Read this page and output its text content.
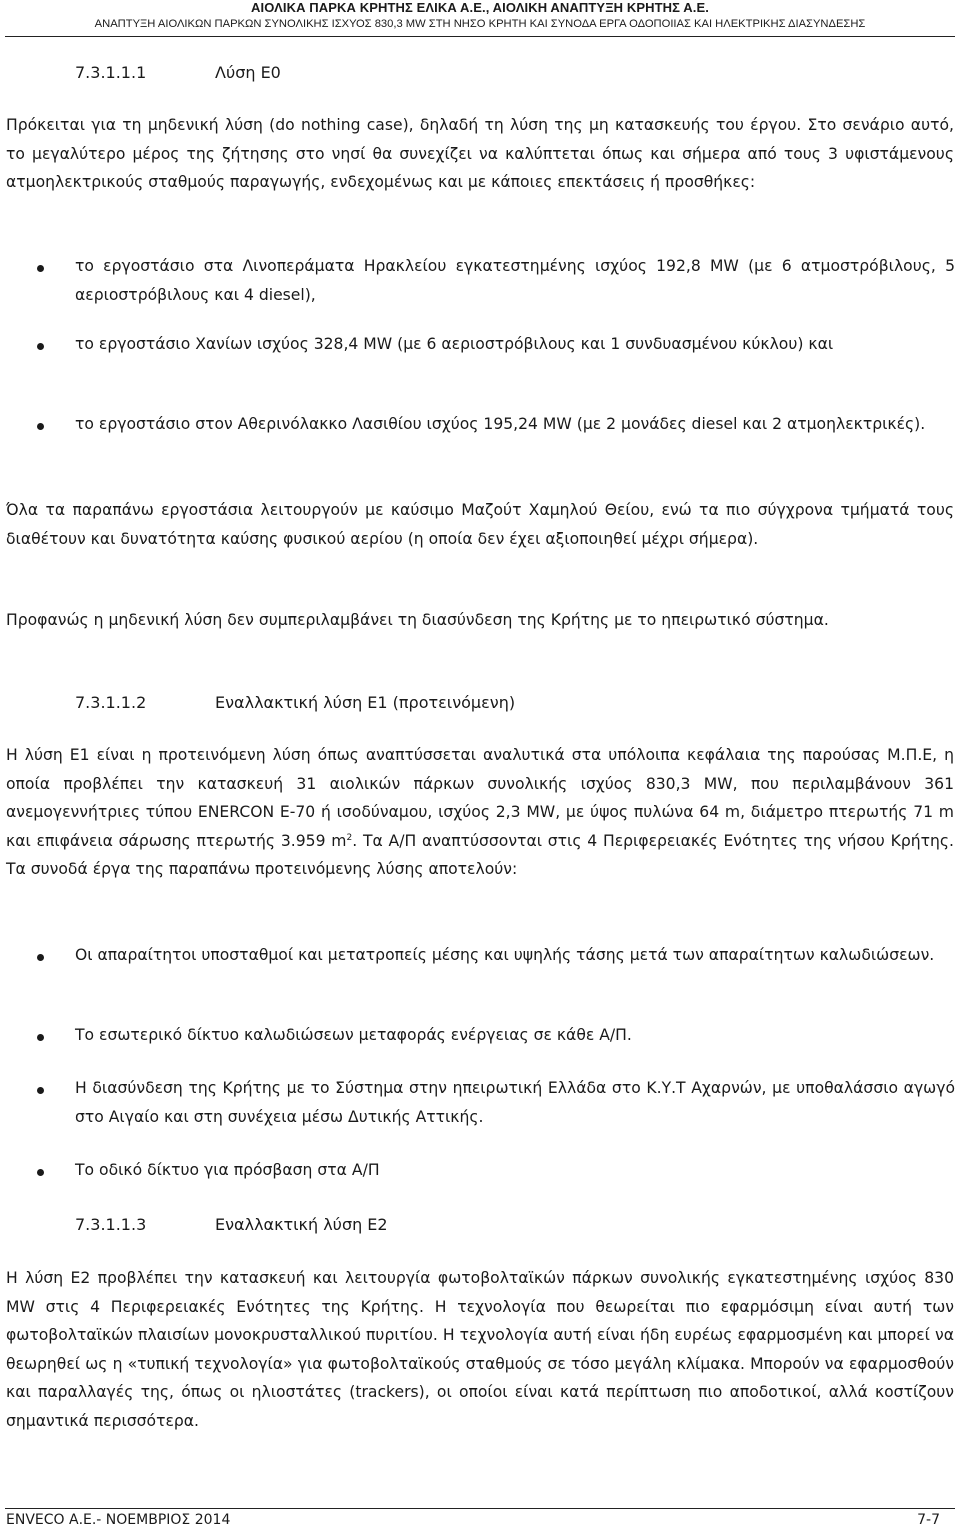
ΑΙΟΛΙΚΑ ΠΑΡΚΑ ΚΡΗΤΗΣ ΕΛΙΚΑ Α.Ε., ΑΙΟΛΙΚΗ ΑΝΑΠΤΥΞΗ ΚΡΗΤΗΣ Α.Ε.
ΑΝΑΠΤΥΞΗ ΑΙΟΛΙΚΩΝ ΠΑΡΚΩΝ ΣΥΝΟΛΙΚΗΣ ΙΣΧΥΟΣ 830,3 MW ΣΤΗ ΝΗΣΟ ΚΡΗΤΗ ΚΑΙ ΣΥΝΟΔΑ ΕΡΓΑ ΟΔΟΠΟΙΙΑΣ ΚΑΙ ΗΛΕΚΤΡΙΚΗΣ ΔΙΑΣΥΝΔΕΣΗΣ
7.3.1.1.1	Λύση Ε0
Πρόκειται για τη μηδενική λύση (do nothing case), δηλαδή τη λύση της μη κατασκευής του έργου. Στο σενάριο αυτό, το μεγαλύτερο μέρος της ζήτησης στο νησί θα συνεχίζει να καλύπτεται όπως και σήμερα από τους 3 υφιστάμενους ατμοηλεκτρικούς σταθμούς παραγωγής, ενδεχομένως και με κάποιες επεκτάσεις ή προσθήκες:
το εργοστάσιο στα Λινοπεράματα Ηρακλείου εγκατεστημένης ισχύος 192,8 MW (με 6 ατμοστρόβιλους, 5 αεριοστρόβιλους και 4 diesel),
το εργοστάσιο Χανίων ισχύος 328,4 MW (με 6 αεριοστρόβιλους και 1 συνδυασμένου κύκλου) και
το εργοστάσιο στον Αθερινόλακκο Λασιθίου ισχύος 195,24 MW (με 2 μονάδες diesel και 2 ατμοηλεκτρικές).
Όλα τα παραπάνω εργοστάσια λειτουργούν με καύσιμο Μαζούτ Χαμηλού Θείου, ενώ τα πιο σύγχρονα τμήματά τους διαθέτουν και δυνατότητα καύσης φυσικού αερίου (η οποία δεν έχει αξιοποιηθεί μέχρι σήμερα).
Προφανώς η μηδενική λύση δεν συμπεριλαμβάνει τη διασύνδεση της Κρήτης με το ηπειρωτικό σύστημα.
7.3.1.1.2	Εναλλακτική λύση Ε1 (προτεινόμενη)
Η λύση Ε1 είναι η προτεινόμενη λύση όπως αναπτύσσεται αναλυτικά στα υπόλοιπα κεφάλαια της παρούσας Μ.Π.Ε, η οποία προβλέπει την κατασκευή 31 αιολικών πάρκων συνολικής ισχύος 830,3 MW, που περιλαμβάνουν 361 ανεμογεννήτριες τύπου ENERCON E-70 ή ισοδύναμου, ισχύος 2,3 MW, με ύψος πυλώνα 64 m, διάμετρο πτερωτής 71 m και επιφάνεια σάρωσης πτερωτής 3.959 $m^2$. Τα Α/Π αναπτύσσονται στις 4 Περιφερειακές Ενότητες της νήσου Κρήτης. Τα συνοδά έργα της παραπάνω προτεινόμενης λύσης αποτελούν:
Οι απαραίτητοι υποσταθμοί και μετατροπείς μέσης και υψηλής τάσης μετά των απαραίτητων καλωδιώσεων.
Το εσωτερικό δίκτυο καλωδιώσεων μεταφοράς ενέργειας σε κάθε Α/Π.
Η διασύνδεση της Κρήτης με το Σύστημα στην ηπειρωτική Ελλάδα στο Κ.Υ.Τ Αχαρνών, με υποθαλάσσιο αγωγό στο Αιγαίο και στη συνέχεια μέσω Δυτικής Αττικής.
Το οδικό δίκτυο για πρόσβαση στα Α/Π
7.3.1.1.3	Εναλλακτική λύση Ε2
Η λύση Ε2 προβλέπει την κατασκευή και λειτουργία φωτοβολταϊκών πάρκων συνολικής εγκατεστημένης ισχύος 830 MW στις 4 Περιφερειακές Ενότητες της Κρήτης. Η τεχνολογία που θεωρείται πιο εφαρμόσιμη είναι αυτή των φωτοβολταϊκών πλαισίων μονοκρυσταλλικού πυριτίου. Η τεχνολογία αυτή είναι ήδη ευρέως εφαρμοσμένη και μπορεί να θεωρηθεί ως η «τυπική τεχνολογία» για φωτοβολταϊκούς σταθμούς σε τόσο μεγάλη κλίμακα. Μπορούν να εφαρμοσθούν και παραλλαγές της, όπως οι ηλιοστάτες (trackers), οι οποίοι είναι κατά περίπτωση πιο αποδοτικοί, αλλά κοστίζουν σημαντικά περισσότερα.
ENVECO Α.Ε.- ΝΟΕΜΒΡΙΟΣ 2014	7-7
